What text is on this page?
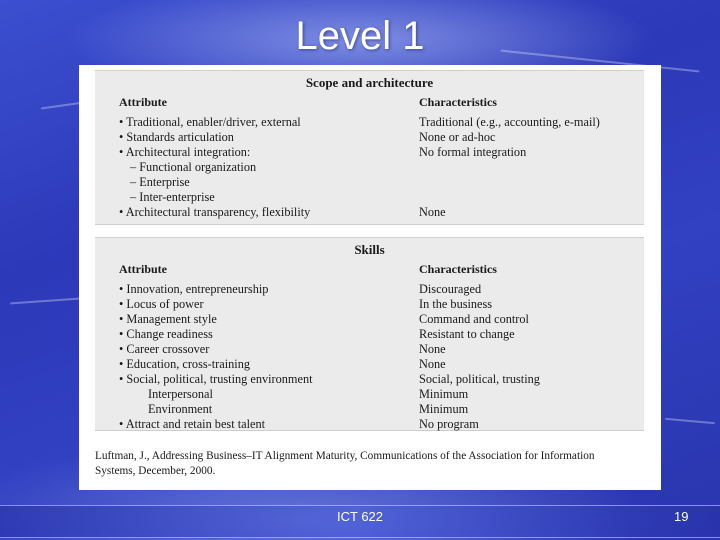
Level 1
Scope and architecture
Attribute	Characteristics
• Traditional, enabler/driver, external	Traditional (e.g., accounting, e-mail)
• Standards articulation	None or ad-hoc
• Architectural integration:	No formal integration
– Functional organization
– Enterprise
– Inter-enterprise
• Architectural transparency, flexibility	None
Skills
Attribute	Characteristics
• Innovation, entrepreneurship	Discouraged
• Locus of power	In the business
• Management style	Command and control
• Change readiness	Resistant to change
• Career crossover	None
• Education, cross-training	None
• Social, political, trusting environment	Social, political, trusting
Interpersonal	Minimum
Environment	Minimum
• Attract and retain best talent	No program
Luftman, J., Addressing Business–IT Alignment Maturity, Communications of the Association for Information
Systems, December, 2000.
ICT 622	19
